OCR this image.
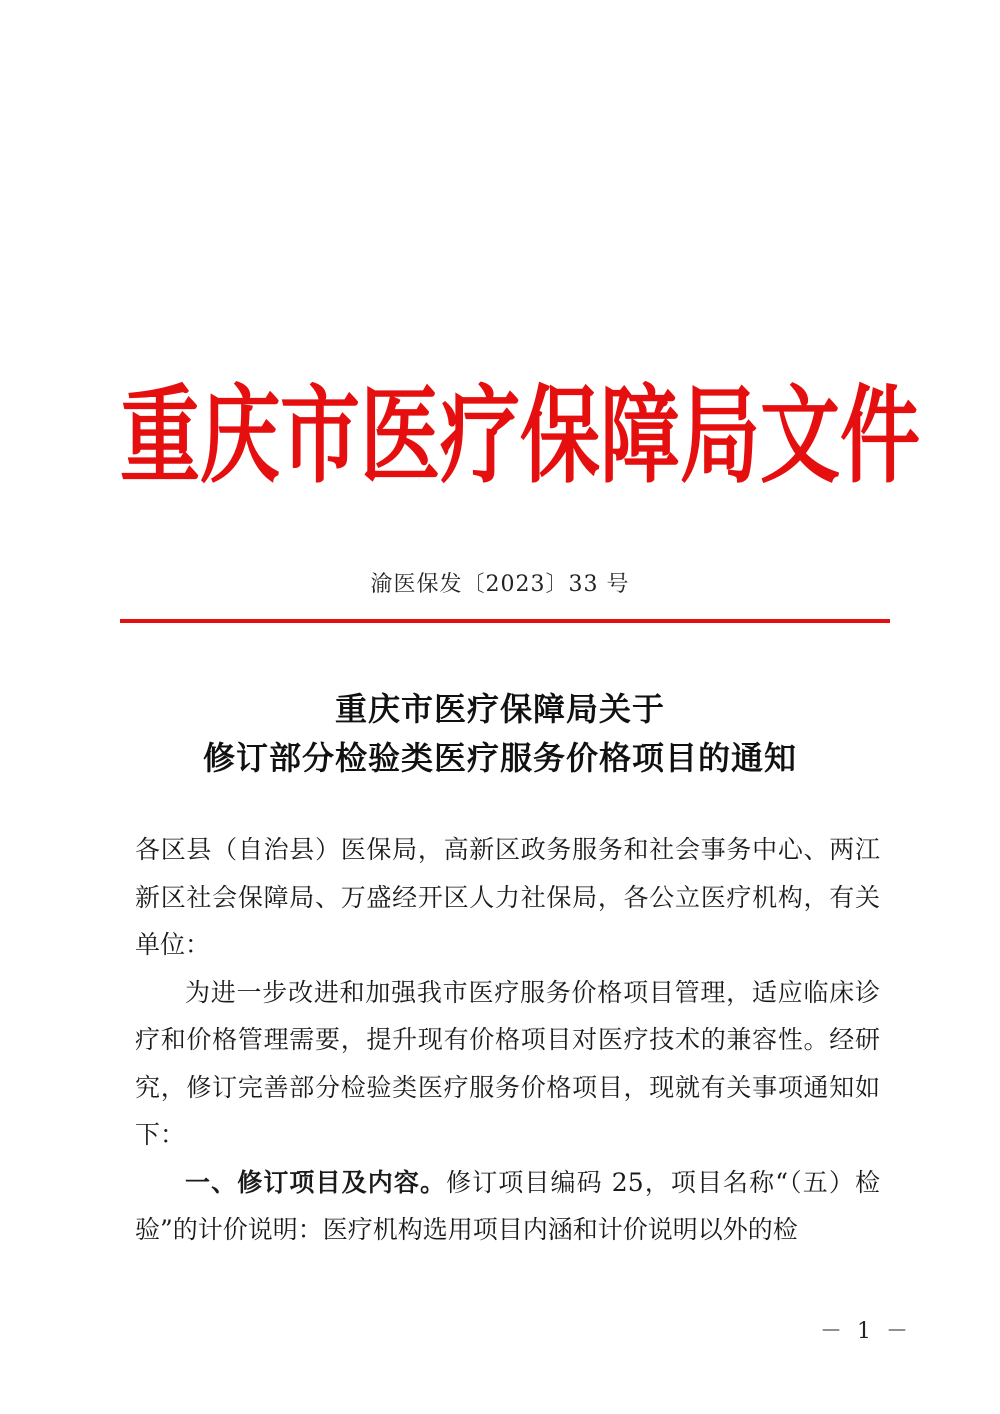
重 庆 市 医 疗 保 障 局 文 件
渝医保发〔2023〕33 号
重庆市医疗保障局关于
修订部分检验类医疗服务价格项目的通知

各区县（自治县）医保局，高新区政务服务和社会事务中心、两江新区社会保障局、万盛经开区人力社保局，各公立医疗机构，有关单位：

为进一步改进和加强我市医疗服务价格项目管理，适应临床诊疗和价格管理需要，提升现有价格项目对医疗技术的兼容性。经研究，修订完善部分检验类医疗服务价格项目，现就有关事项通知如下：

一、修订项目及内容。修订项目编码 25，项目名称“（五）检验”的计价说明：医疗机构选用项目内涵和计价说明以外的检

－ 1 －
